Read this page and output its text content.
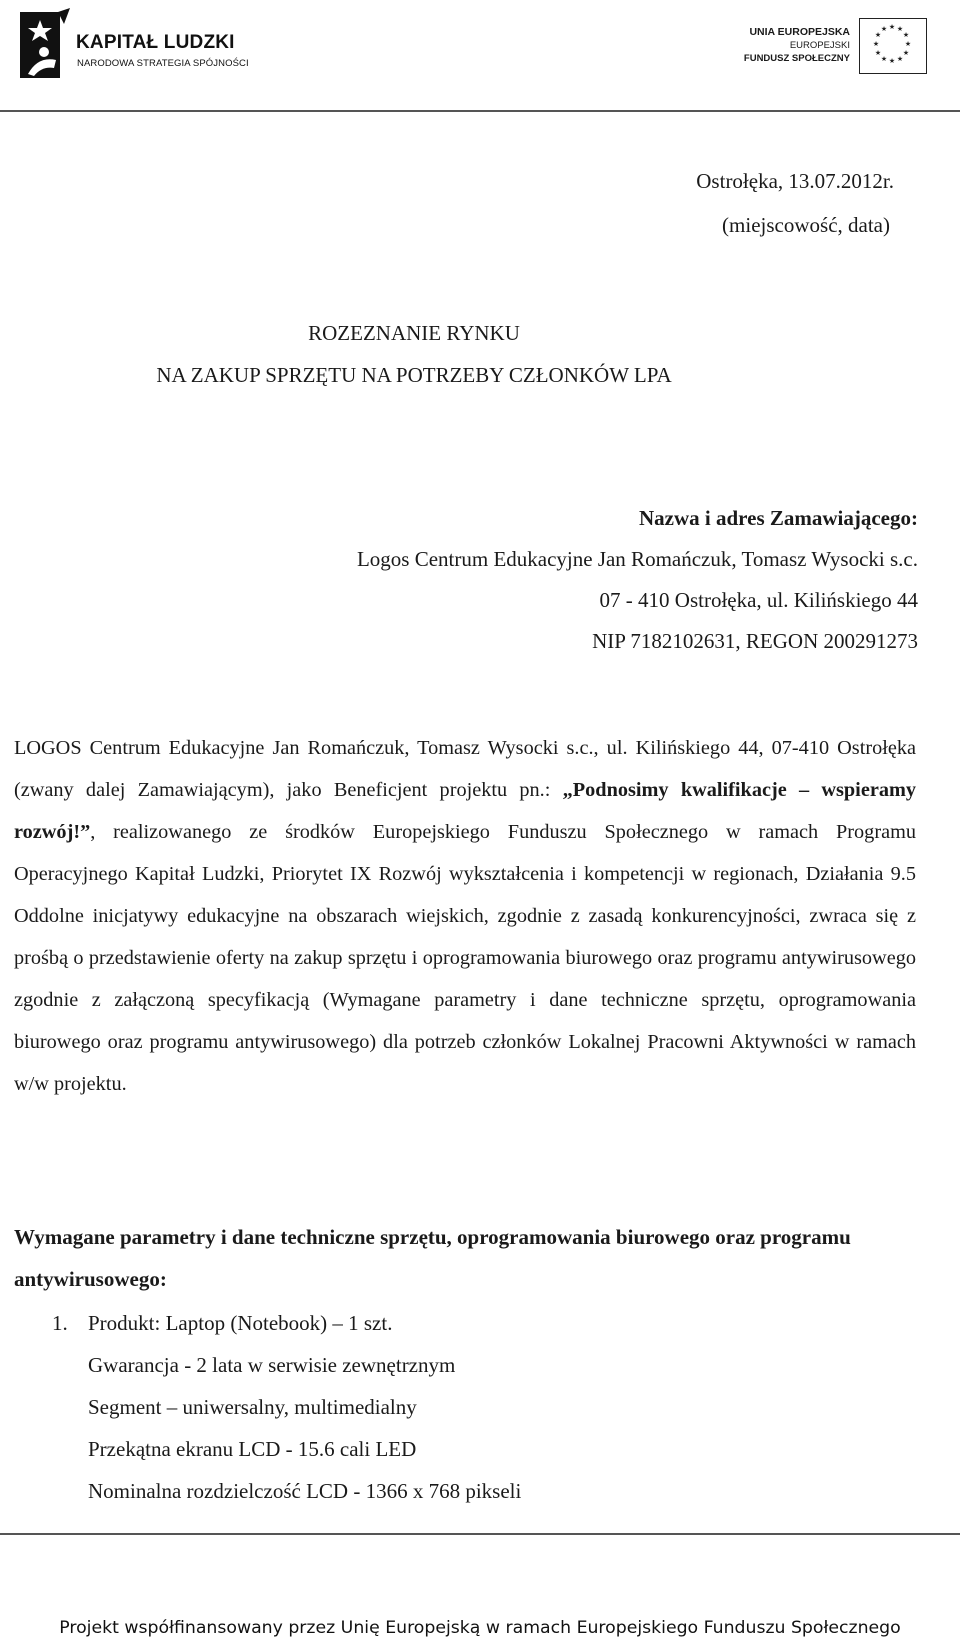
KAPITAŁ LUDZKI
NARODOWA STRATEGIA SPÓJNOŚCI
UNIA EUROPEJSKA
EUROPEJSKI
FUNDUSZ SPOŁECZNY
★ ★
★
★
★
★
★
★
★
★
★
★
Ostrołęka, 13.07.2012r.
(miejscowość, data)
ROZEZNANIE RYNKU
NA ZAKUP SPRZĘTU NA POTRZEBY CZŁONKÓW LPA
Nazwa i adres Zamawiającego:
Logos Centrum Edukacyjne Jan Romańczuk, Tomasz Wysocki s.c.
07 - 410 Ostrołęka, ul. Kilińskiego 44
NIP 7182102631, REGON 200291273
LOGOS Centrum Edukacyjne Jan Romańczuk, Tomasz Wysocki s.c., ul. Kilińskiego 44, 07-410 Ostrołęka (zwany dalej Zamawiającym), jako Beneficjent projektu pn.: „Podnosimy kwalifikacje – wspieramy rozwój!”, realizowanego ze środków Europejskiego Funduszu Społecznego w ramach Programu Operacyjnego Kapitał Ludzki, Priorytet IX Rozwój wykształcenia i kompetencji w regionach, Działania 9.5 Oddolne inicjatywy edukacyjne na obszarach wiejskich, zgodnie z zasadą konkurencyjności, zwraca się z prośbą o przedstawienie oferty na zakup sprzętu i oprogramowania biurowego oraz programu antywirusowego zgodnie z załączoną specyfikacją (Wymagane parametry i dane techniczne sprzętu, oprogramowania biurowego oraz programu antywirusowego) dla potrzeb członków Lokalnej Pracowni Aktywności w ramach w/w projektu.
Wymagane parametry i dane techniczne sprzętu, oprogramowania biurowego oraz programu antywirusowego:
1. Produkt: Laptop (Notebook) – 1 szt.
Gwarancja - 2 lata w serwisie zewnętrznym
Segment – uniwersalny, multimedialny
Przekątna ekranu LCD - 15.6 cali LED
Nominalna rozdzielczość LCD - 1366 x 768 pikseli
Projekt współfinansowany przez Unię Europejską w ramach Europejskiego Funduszu Społecznego
